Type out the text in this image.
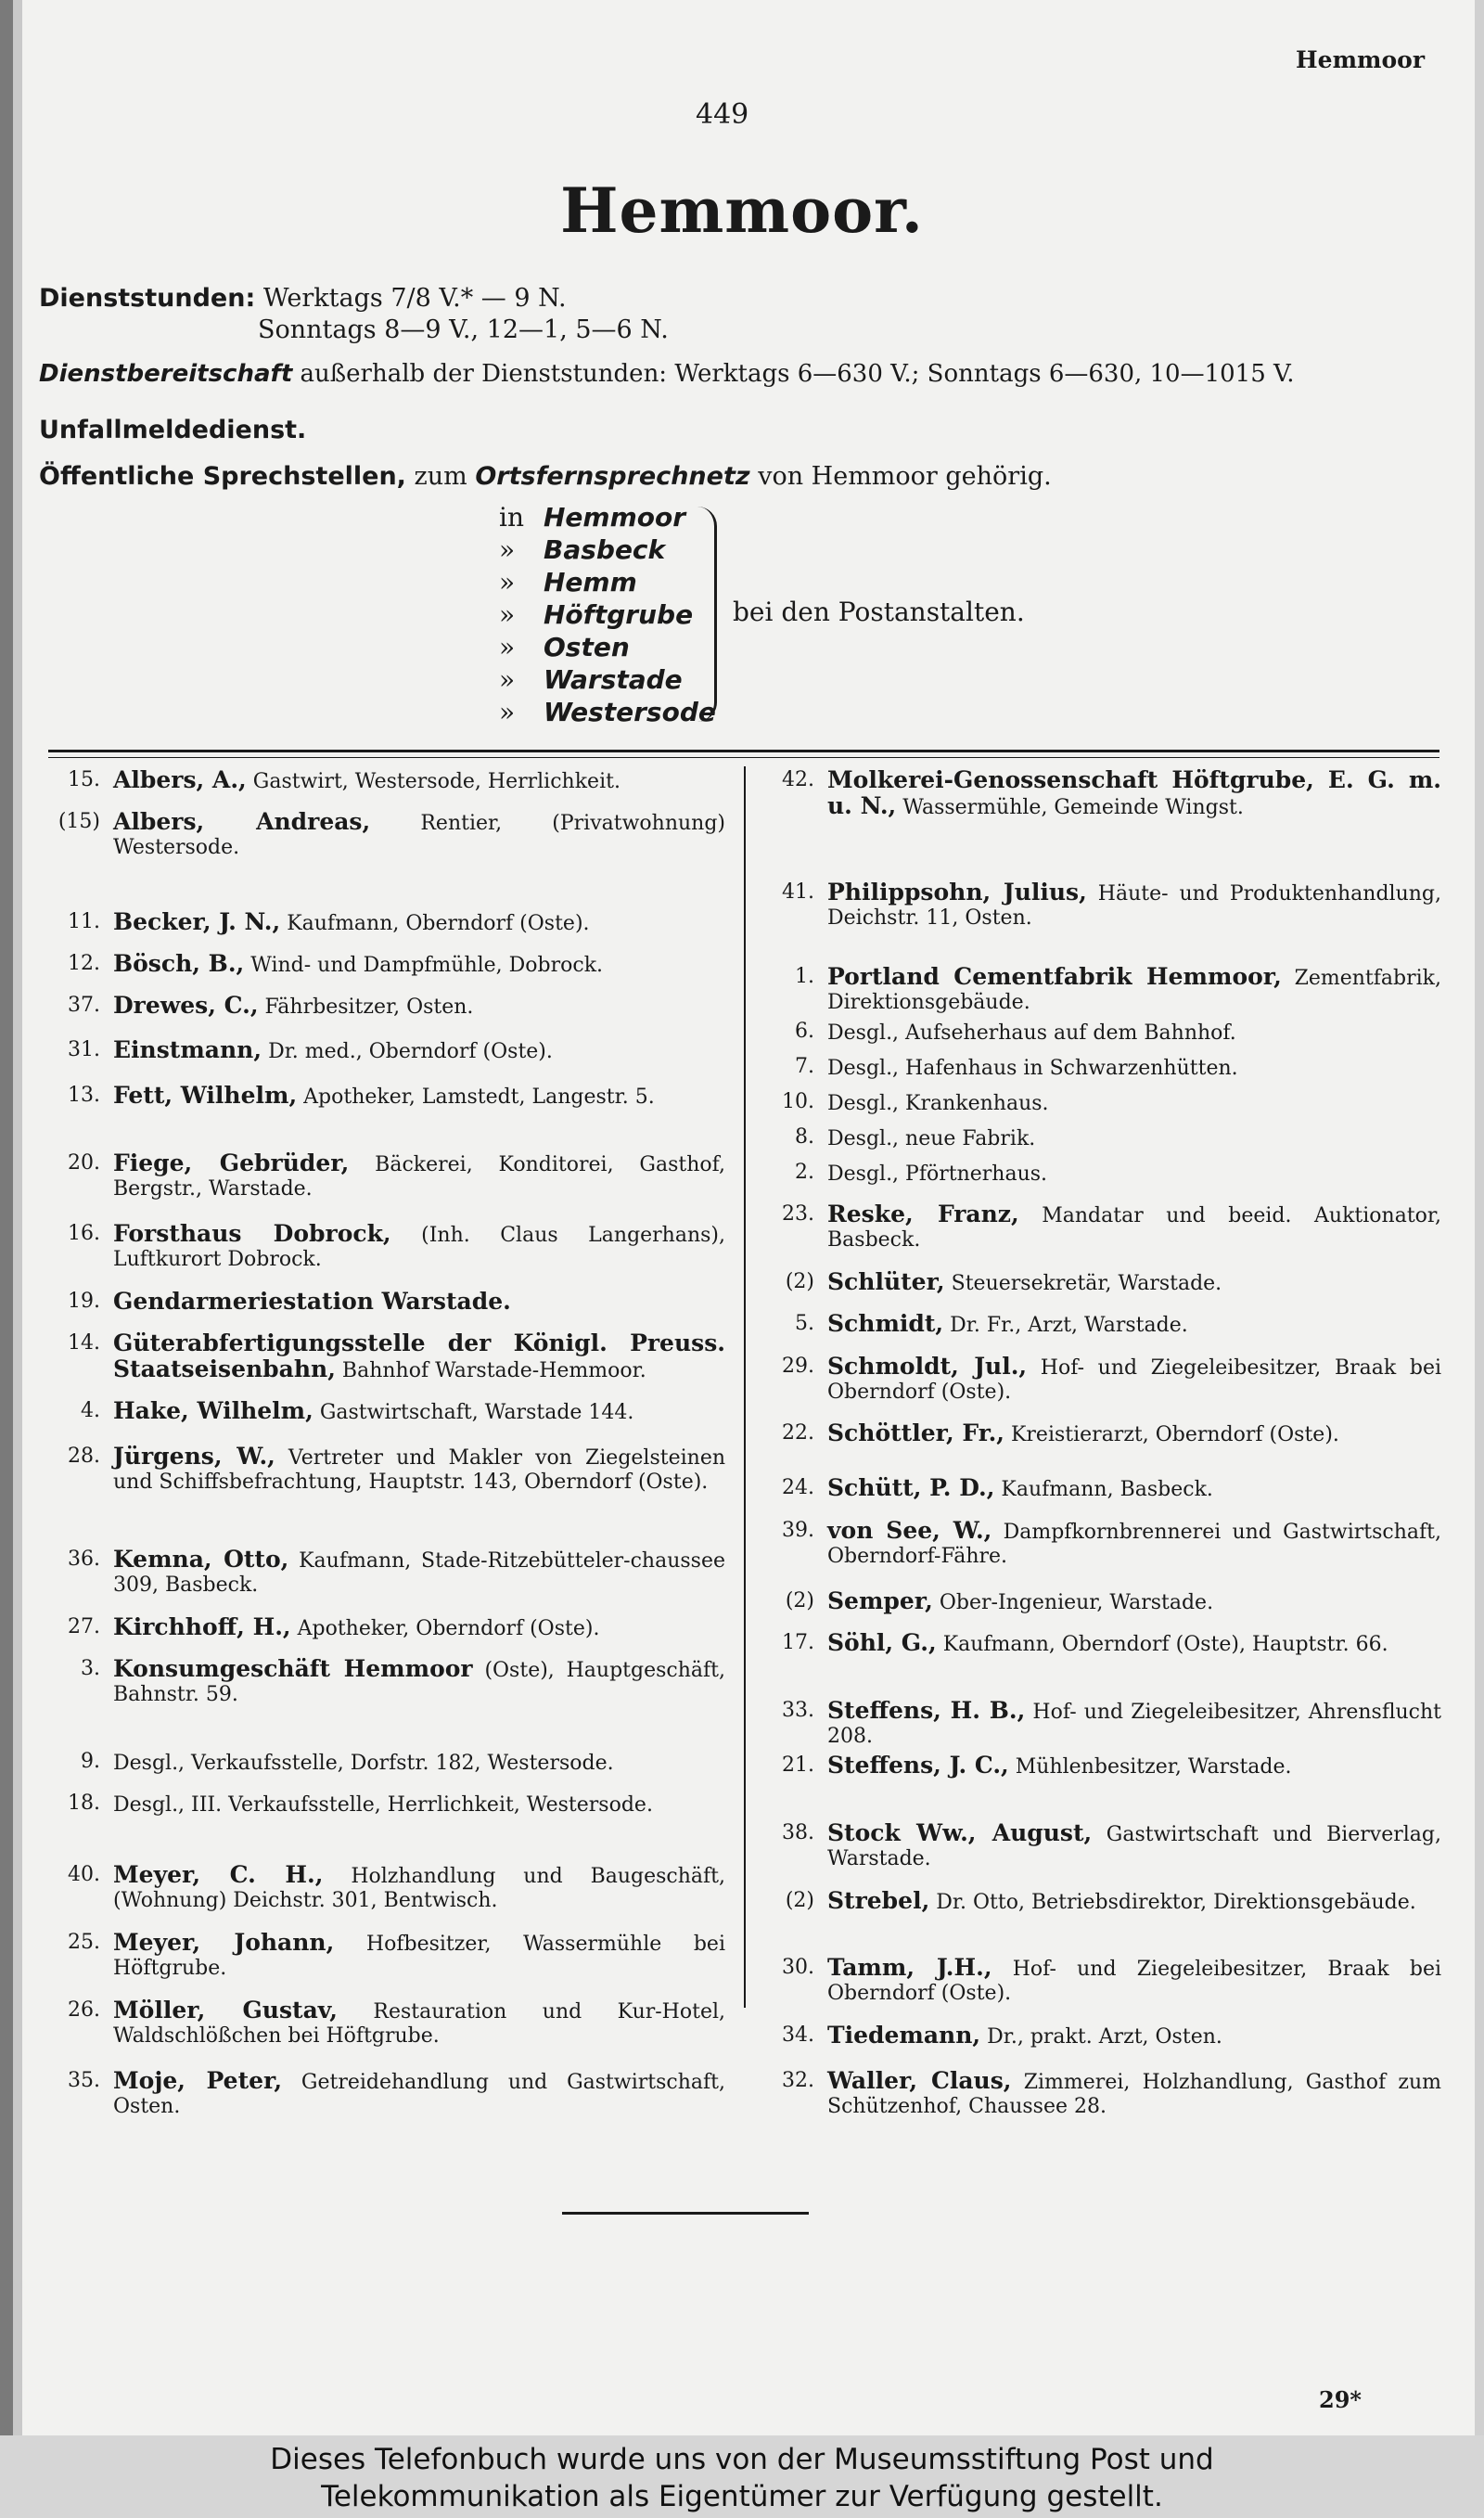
Hemmoor
449
Hemmoor.
Dienststunden: Werktags 7/8 V.* — 9 N.
Sonntags 8—9 V., 12—1, 5—6 N.
Dienstbereitschaft außerhalb der Dienststunden: Werktags 6—630 V.; Sonntags 6—630, 10—1015 V.
Unfallmeldedienst.
Öffentliche Sprechstellen, zum Ortsfernsprechnetz von Hemmoor gehörig.
in Hemmoor
» Basbeck
» Hemm
» Höftgrube
» Osten
» Warstade
» Westersode
bei den Postanstalten.
15. Albers, A., Gastwirt, Westersode, Herrlichkeit.
(15) Albers, Andreas, Rentier, (Privatwohnung) Westersode.
11. Becker, J. N., Kaufmann, Oberndorf (Oste).
12. Bösch, B., Wind- und Dampfmühle, Dobrock.
37. Drewes, C., Fährbesitzer, Osten.
31. Einstmann, Dr. med., Oberndorf (Oste).
13. Fett, Wilhelm, Apotheker, Lamstedt, Langestr. 5.
20. Fiege, Gebrüder, Bäckerei, Konditorei, Gasthof, Bergstr., Warstade.
16. Forsthaus Dobrock, (Inh. Claus Langerhans), Luftkurort Dobrock.
19. Gendarmeriestation Warstade.
14. Güterabfertigungsstelle der Königl. Preuss. Staatseisenbahn, Bahnhof Warstade-Hemmoor.
4. Hake, Wilhelm, Gastwirtschaft, Warstade 144.
28. Jürgens, W., Vertreter und Makler von Ziegelsteinen und Schiffsbefrachtung, Hauptstr. 143, Oberndorf (Oste).
36. Kemna, Otto, Kaufmann, Stade-Ritzebütteler-chaussee 309, Basbeck.
27. Kirchhoff, H., Apotheker, Oberndorf (Oste).
3. Konsumgeschäft Hemmoor (Oste), Hauptgeschäft, Bahnstr. 59.
9. Desgl., Verkaufsstelle, Dorfstr. 182, Westersode.
18. Desgl., III. Verkaufsstelle, Herrlichkeit, Westersode.
40. Meyer, C. H., Holzhandlung und Baugeschäft, (Wohnung) Deichstr. 301, Bentwisch.
25. Meyer, Johann, Hofbesitzer, Wassermühle bei Höftgrube.
26. Möller, Gustav, Restauration und Kur-Hotel, Waldschlößchen bei Höftgrube.
35. Moje, Peter, Getreidehandlung und Gastwirtschaft, Osten.
42. Molkerei-Genossenschaft Höftgrube, E. G. m. u. N., Wassermühle, Gemeinde Wingst.
41. Philippsohn, Julius, Häute- und Produktenhandlung, Deichstr. 11, Osten.
1. Portland Cementfabrik Hemmoor, Zementfabrik, Direktionsgebäude.
6. Desgl., Aufseherhaus auf dem Bahnhof.
7. Desgl., Hafenhaus in Schwarzenhütten.
10. Desgl., Krankenhaus.
8. Desgl., neue Fabrik.
2. Desgl., Pförtnerhaus.
23. Reske, Franz, Mandatar und beeid. Auktionator, Basbeck.
(2) Schlüter, Steuersekretär, Warstade.
5. Schmidt, Dr. Fr., Arzt, Warstade.
29. Schmoldt, Jul., Hof- und Ziegeleibesitzer, Braak bei Oberndorf (Oste).
22. Schöttler, Fr., Kreistierarzt, Oberndorf (Oste).
24. Schütt, P. D., Kaufmann, Basbeck.
39. von See, W., Dampfkornbrennerei und Gastwirtschaft, Oberndorf-Fähre.
(2) Semper, Ober-Ingenieur, Warstade.
17. Söhl, G., Kaufmann, Oberndorf (Oste), Hauptstr. 66.
33. Steffens, H. B., Hof- und Ziegeleibesitzer, Ahrensflucht 208.
21. Steffens, J. C., Mühlenbesitzer, Warstade.
38. Stock Ww., August, Gastwirtschaft und Bierverlag, Warstade.
(2) Strebel, Dr. Otto, Betriebsdirektor, Direktionsgebäude.
30. Tamm, J.H., Hof- und Ziegeleibesitzer, Braak bei Oberndorf (Oste).
34. Tiedemann, Dr., prakt. Arzt, Osten.
32. Waller, Claus, Zimmerei, Holzhandlung, Gasthof zum Schützenhof, Chaussee 28.
29*
Dieses Telefonbuch wurde uns von der Museumsstiftung Post und
Telekommunikation als Eigentümer zur Verfügung gestellt.
